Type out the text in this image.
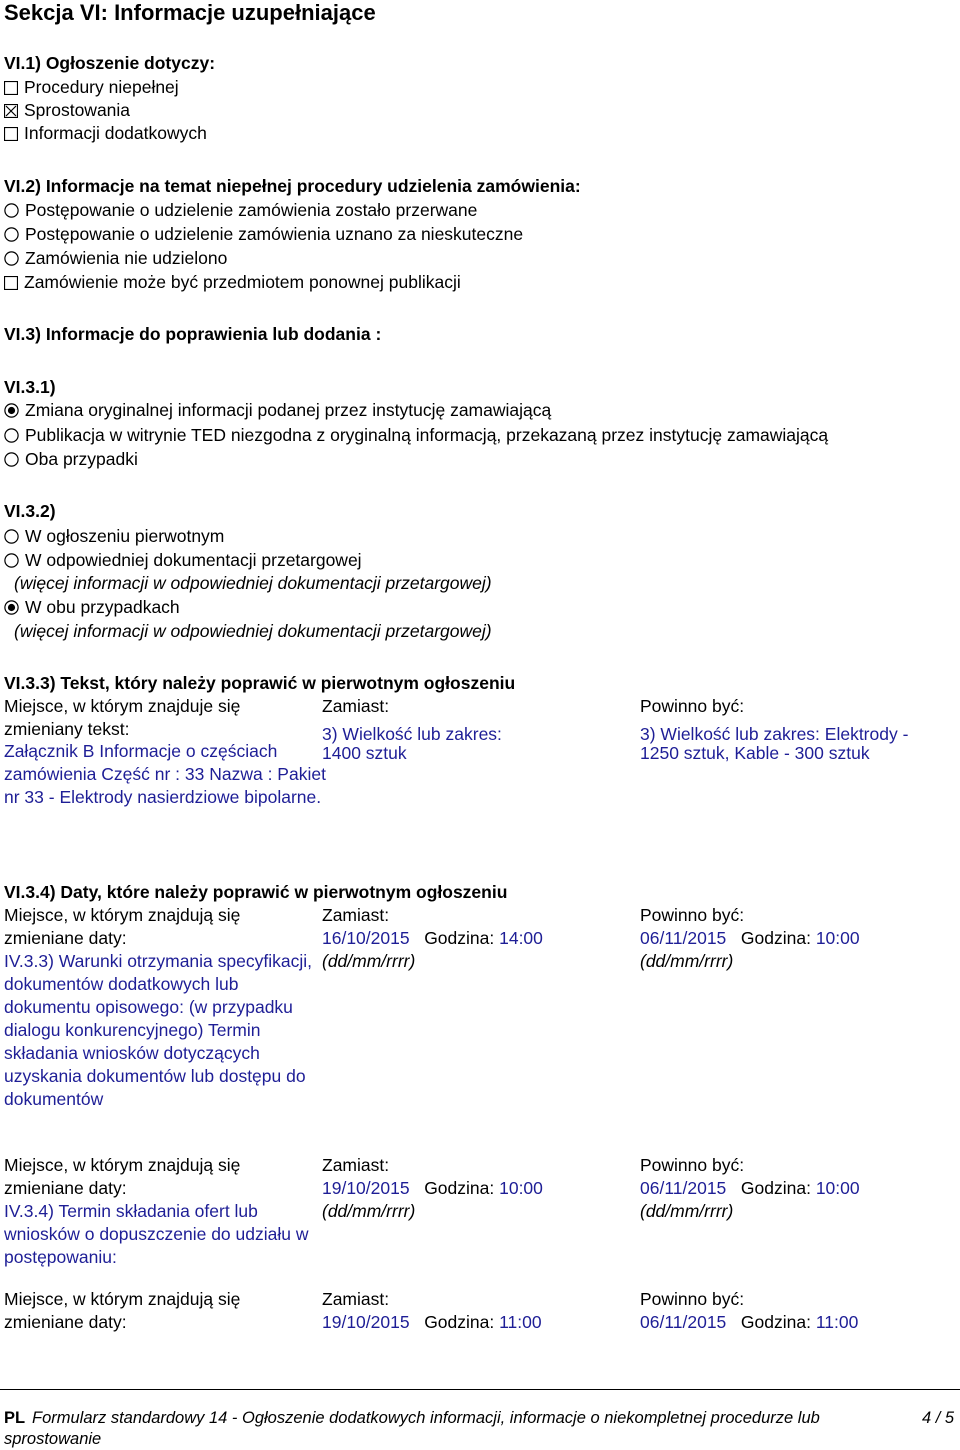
Sekcja VI: Informacje uzupełniające
VI.1) Ogłoszenie dotyczy:
Procedury niepełnej
Sprostowania
Informacji dodatkowych
VI.2) Informacje na temat niepełnej procedury udzielenia zamówienia:
Postępowanie o udzielenie zamówienia zostało przerwane
Postępowanie o udzielenie zamówienia uznano za nieskuteczne
Zamówienia nie udzielono
Zamówienie może być przedmiotem ponownej publikacji
VI.3) Informacje do poprawienia lub dodania :
VI.3.1)
Zmiana oryginalnej informacji podanej przez instytucję zamawiającą
Publikacja w witrynie TED niezgodna z oryginalną informacją, przekazaną przez instytucję zamawiającą
Oba przypadki
VI.3.2)
W ogłoszeniu pierwotnym
W odpowiedniej dokumentacji przetargowej
(więcej informacji w odpowiedniej dokumentacji przetargowej)
W obu przypadkach
(więcej informacji w odpowiedniej dokumentacji przetargowej)
VI.3.3) Tekst, który należy poprawić w pierwotnym ogłoszeniu
Miejsce, w którym znajduje się zmieniany tekst:
Załącznik B Informacje o częściach zamówienia Część nr : 33 Nazwa : Pakiet nr 33 - Elektrody nasierdziowe bipolarne.
Zamiast:
3) Wielkość lub zakres: 1400 sztuk
Powinno być:
3) Wielkość lub zakres: Elektrody - 1250 sztuk, Kable - 300 sztuk
VI.3.4) Daty, które należy poprawić w pierwotnym ogłoszeniu
Miejsce, w którym znajdują się zmieniane daty:
IV.3.3) Warunki otrzymania specyfikacji, dokumentów dodatkowych lub dokumentu opisowego: (w przypadku dialogu konkurencyjnego) Termin składania wniosków dotyczących uzyskania dokumentów lub dostępu do dokumentów
Zamiast:
16/10/2015 Godzina: 14:00
(dd/mm/rrrr)
Powinno być:
06/11/2015 Godzina: 10:00
(dd/mm/rrrr)
Miejsce, w którym znajdują się zmieniane daty:
IV.3.4) Termin składania ofert lub wniosków o dopuszczenie do udziału w postępowaniu:
Zamiast:
19/10/2015 Godzina: 10:00
(dd/mm/rrrr)
Powinno być:
06/11/2015 Godzina: 10:00
(dd/mm/rrrr)
Miejsce, w którym znajdują się zmieniane daty:
Zamiast:
19/10/2015 Godzina: 11:00
Powinno być:
06/11/2015 Godzina: 11:00
PL Formularz standardowy 14 - Ogłoszenie dodatkowych informacji, informacje o niekompletnej procedurze lub sprostowanie
4 / 5
